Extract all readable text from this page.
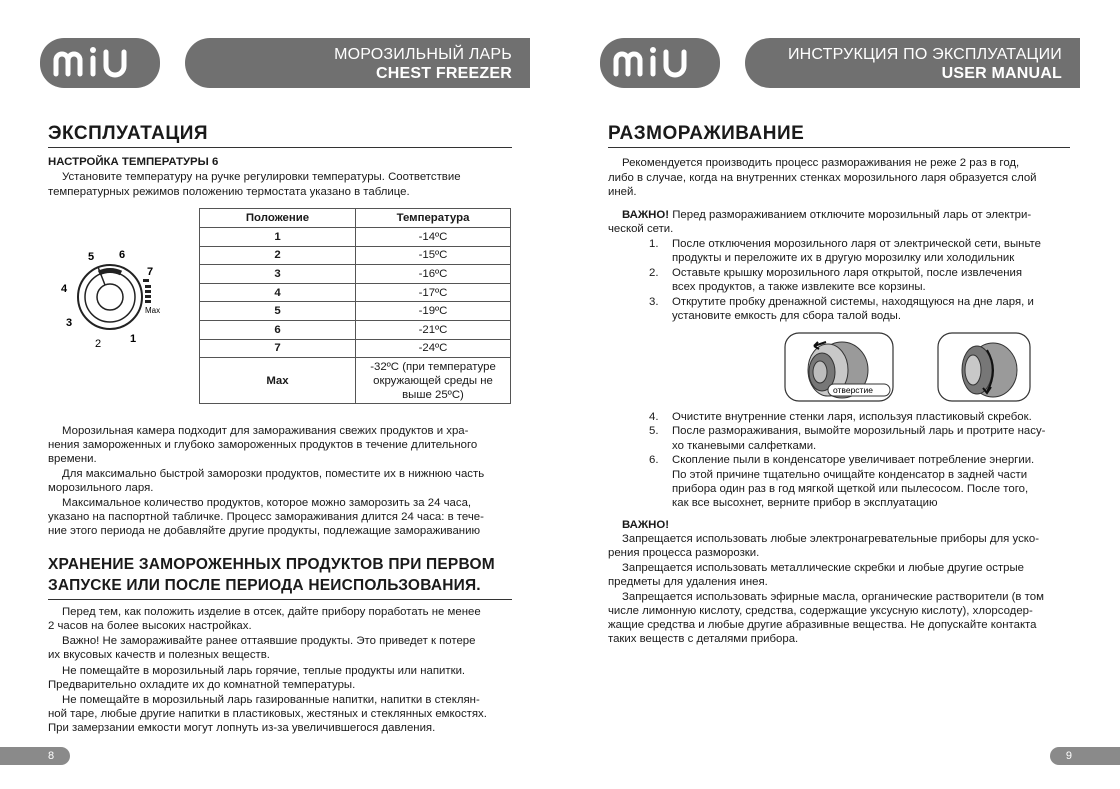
МОРОЗИЛЬНЫЙ ЛАРЬ
CHEST FREEZER
ЭКСПЛУАТАЦИЯ

НАСТРОЙКА ТЕМПЕРАТУРЫ 6

Установите температуру на ручке регулировки температуры. Соответствие

температурных режимов положению термостата указано в таблице.

5 6
7
4
3
2	1
Max
Положение	Температура
1	-14ºC
2	-15ºC
3	-16ºC
4	-17ºC
5	-19ºC
6	-21ºC
7	-24ºC
Max	-32ºC (при температуре
окружающей среды не
выше 25ºC)

Морозильная камера подходит для замораживания свежих продуктов и хра-

нения замороженных и глубоко замороженных продуктов в течение длительного

времени.

Для максимально быстрой заморозки продуктов, поместите их в нижнюю часть

морозильного ларя.

Максимальное количество продуктов, которое можно заморозить за 24 часа,

указано на паспортной табличке. Процесс замораживания длится 24 часа: в тече-

ние этого периода не добавляйте другие продукты, подлежащие замораживанию

ХРАНЕНИЕ ЗАМОРОЖЕННЫХ ПРОДУКТОВ ПРИ ПЕРВОМ
ЗАПУСКЕ ИЛИ ПОСЛЕ ПЕРИОДА НЕИСПОЛЬЗОВАНИЯ.

Перед тем, как положить изделие в отсек, дайте прибору поработать не менее

2 часов на более высоких настройках.

Важно! Не замораживайте ранее оттаявшие продукты. Это приведет к потере

их вкусовых качеств и полезных веществ.

Не помещайте в морозильный ларь горячие, теплые продукты или напитки.

Предварительно охладите их до комнатной температуры.

Не помещайте в морозильный ларь газированные напитки, напитки в стеклян-

ной таре, любые другие напитки в пластиковых, жестяных и стеклянных емкостях.

При замерзании емкости могут лопнуть из-за увеличившегося давления.

8
ИНСТРУКЦИЯ ПО ЭКСПЛУАТАЦИИ
USER MANUAL
РАЗМОРАЖИВАНИЕ

Рекомендуется производить процесс размораживания не реже 2 раз в год,

либо в случае, когда на внутренних стенках морозильного ларя образуется слой

иней.

ВАЖНО! Перед размораживанием отключите морозильный ларь от электри-

ческой сети.

1. После отключения морозильного ларя от электрической сети, выньте
продукты и переложите их в другую морозилку или холодильник
2. Оставьте крышку морозильного ларя открытой, после извлечения
всех продуктов, а также извлеките все корзины.
3. Открутите пробку дренажной системы, находящуюся на дне ларя, и
установите емкость для сбора талой воды.
отверстие
4. Очистите внутренние стенки ларя, используя пластиковый скребок.
5. После размораживания, вымойте морозильный ларь и протрите насу-
хо тканевыми салфетками.
6. Скопление пыли в конденсаторе увеличивает потребление энергии.
По этой причине тщательно очищайте конденсатор в задней части
прибора один раз в год мягкой щеткой или пылесосом. После того,
как все высохнет, верните прибор в эксплуатацию

ВАЖНО!

Запрещается использовать любые электронагревательные приборы для уско-

рения процесса разморозки.

Запрещается использовать металлические скребки и любые другие острые

предметы для удаления инея.

Запрещается использовать эфирные масла, органические растворители (в том

числе лимонную кислоту, средства, содержащие уксусную кислоту), хлорсодер-

жащие средства и любые другие абразивные вещества. Не допускайте контакта

таких веществ с деталями прибора.

9
